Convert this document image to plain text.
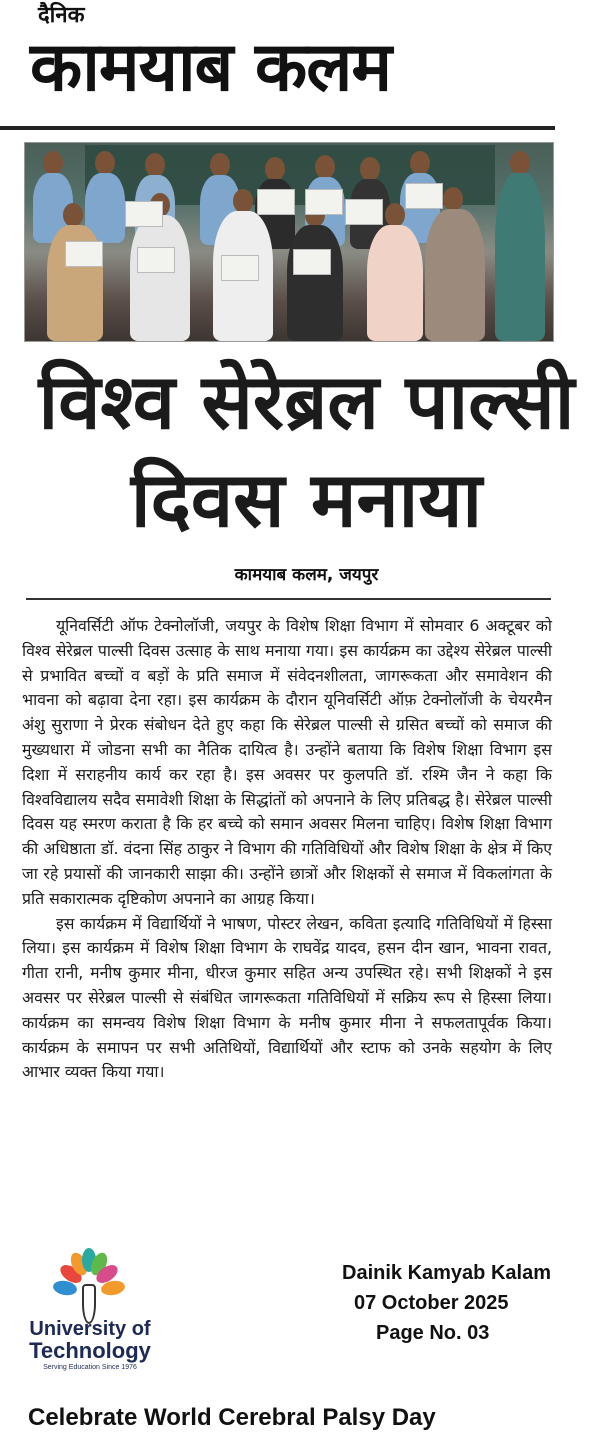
दैनिक
कामयाब कलम
विश्व सेरेब्रल पाल्सी
दिवस मनाया
कामयाब कलम, जयपुर

यूनिवर्सिटी ऑफ टेक्नोलॉजी, जयपुर के विशेष शिक्षा विभाग में सोमवार 6 अक्टूबर को विश्व सेरेब्रल पाल्सी दिवस उत्साह के साथ मनाया गया। इस कार्यक्रम का उद्देश्य सेरेब्रल पाल्सी से प्रभावित बच्चों व बड़ों के प्रति समाज में संवेदनशीलता, जागरूकता और समावेशन की भावना को बढ़ावा देना रहा। इस कार्यक्रम के दौरान यूनिवर्सिटी ऑफ़ टेक्नोलॉजी के चेयरमैन अंशु सुराणा ने प्रेरक संबोधन देते हुए कहा कि सेरेब्रल पाल्सी से ग्रसित बच्चों को समाज की मुख्यधारा में जोडना सभी का नैतिक दायित्व है। उन्होंने बताया कि विशेष शिक्षा विभाग इस दिशा में सराहनीय कार्य कर रहा है। इस अवसर पर कुलपति डॉ. रश्मि जैन ने कहा कि विश्वविद्यालय सदैव समावेशी शिक्षा के सिद्धांतों को अपनाने के लिए प्रतिबद्ध है। सेरेब्रल पाल्सी दिवस यह स्मरण कराता है कि हर बच्चे को समान अवसर मिलना चाहिए। विशेष शिक्षा विभाग की अधिष्ठाता डॉ. वंदना सिंह ठाकुर ने विभाग की गतिविधियों और विशेष शिक्षा के क्षेत्र में किए जा रहे प्रयासों की जानकारी साझा की। उन्होंने छात्रों और शिक्षकों से समाज में विकलांगता के प्रति सकारात्मक दृष्टिकोण अपनाने का आग्रह किया।

इस कार्यक्रम में विद्यार्थियों ने भाषण, पोस्टर लेखन, कविता इत्यादि गतिविधियों में हिस्सा लिया। इस कार्यक्रम में विशेष शिक्षा विभाग के राघवेंद्र यादव, हसन दीन खान, भावना रावत, गीता रानी, मनीष कुमार मीना, धीरज कुमार सहित अन्य उपस्थित रहे। सभी शिक्षकों ने इस अवसर पर सेरेब्रल पाल्सी से संबंधित जागरूकता गतिविधियों में सक्रिय रूप से हिस्सा लिया। कार्यक्रम का समन्वय विशेष शिक्षा विभाग के मनीष कुमार मीना ने सफलतापूर्वक किया। कार्यक्रम के समापन पर सभी अतिथियों, विद्यार्थियों और स्टाफ को उनके सहयोग के लिए आभार व्यक्त किया गया।

University of
Technology
Serving Education Since 1976
Dainik Kamyab Kalam
07 October 2025
Page No. 03
Celebrate World Cerebral Palsy Day
